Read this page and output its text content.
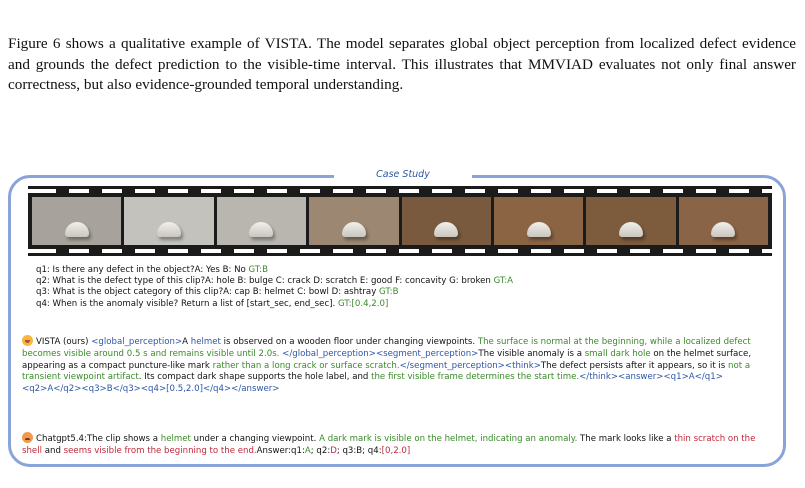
Figure 6 shows a qualitative example of VISTA. The model separates global object perception from localized defect evidence and grounds the defect prediction to the visible-time interval. This illustrates that MMVIAD evaluates not only final answer correctness, but also evidence-grounded temporal understanding.

Case Study
q1: Is there any defect in the object?A: Yes B: No GT:B
q2: What is the defect type of this clip?A: hole B: bulge C: crack D: scratch E: good F: concavity G: broken GT:A
q3: What is the object category of this clip?A: cap B: helmet C: bowl D: ashtray GT:B
q4: When is the anomaly visible? Return a list of [start_sec, end_sec]. GT:[0.4,2.0]
VISTA (ours) <global_perception>A helmet is observed on a wooden floor under changing viewpoints. The surface is normal at the beginning, while a localized defect becomes visible around 0.5 s and remains visible until 2.0s. </global_perception><segment_perception>The visible anomaly is a small dark hole on the helmet surface, appearing as a compact puncture-like mark rather than a long crack or surface scratch.</segment_perception><think>The defect persists after it appears, so it is not a transient viewpoint artifact. Its compact dark shape supports the hole label, and the first visible frame determines the start time.</think><answer><q1>A</q1><q2>A</q2><q3>B</q3><q4>[0.5,2.0]</q4></answer>
Chatgpt5.4:The clip shows a helmet under a changing viewpoint. A dark mark is visible on the helmet, indicating an anomaly. The mark looks like a thin scratch on the shell and seems visible from the beginning to the end.Answer:q1:A; q2:D; q3:B; q4:[0,2.0]
